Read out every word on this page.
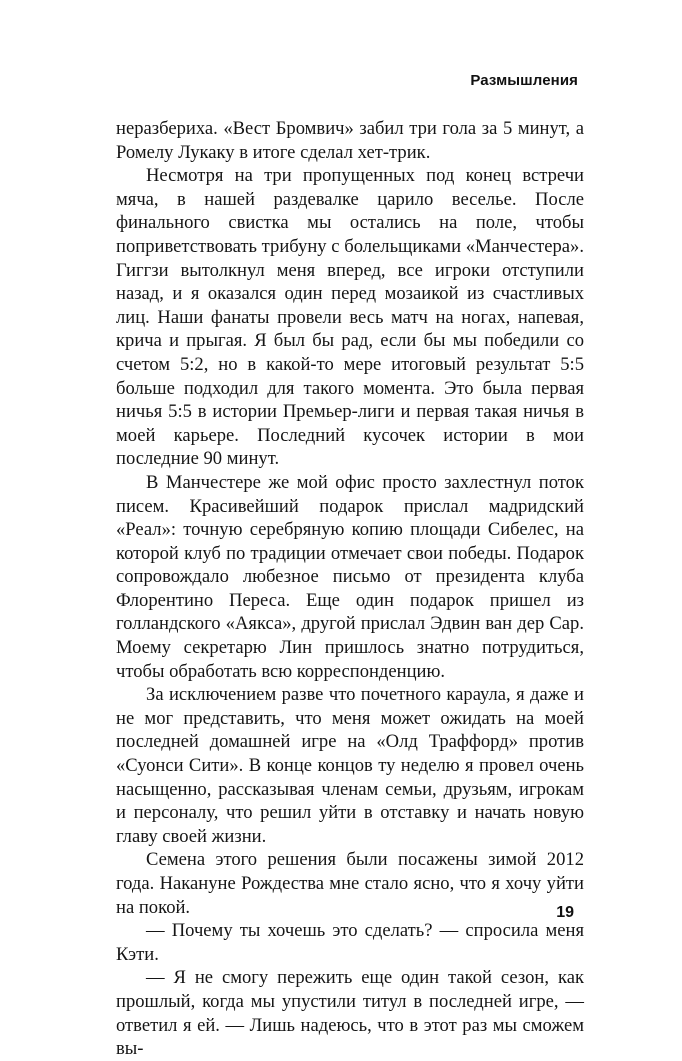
Размышления

неразбериха. «Вест Бромвич» забил три гола за 5 минут, а Ромелу Лукаку в итоге сделал хет-трик.

Несмотря на три пропущенных под конец встречи мяча, в нашей раздевалке царило веселье. После финального свистка мы остались на поле, чтобы поприветствовать трибуну с болельщиками «Манчестера». Гиггзи вытолкнул меня вперед, все игроки отступили назад, и я оказался один перед мозаикой из счастливых лиц. Наши фанаты провели весь матч на ногах, напевая, крича и прыгая. Я был бы рад, если бы мы победили со счетом 5:2, но в какой-то мере итоговый результат 5:5 больше подходил для такого момента. Это была первая ничья 5:5 в истории Премьер-лиги и первая такая ничья в моей карьере. Последний кусочек истории в мои последние 90 минут.

В Манчестере же мой офис просто захлестнул поток писем. Красивейший подарок прислал мадридский «Реал»: точную серебряную копию площади Сибелес, на которой клуб по традиции отмечает свои победы. Подарок сопровождало любезное письмо от президента клуба Флорентино Переса. Еще один подарок пришел из голландского «Аякса», другой прислал Эдвин ван дер Сар. Моему секретарю Лин пришлось знатно потрудиться, чтобы обработать всю корреспонденцию.

За исключением разве что почетного караула, я даже и не мог представить, что меня может ожидать на моей последней домашней игре на «Олд Траффорд» против «Суонси Сити». В конце концов ту неделю я провел очень насыщенно, рассказывая членам семьи, друзьям, игрокам и персоналу, что решил уйти в отставку и начать новую главу своей жизни.

Семена этого решения были посажены зимой 2012 года. Накануне Рождества мне стало ясно, что я хочу уйти на покой.

— Почему ты хочешь это сделать? — спросила меня Кэти.

— Я не смогу пережить еще один такой сезон, как прошлый, когда мы упустили титул в последней игре, — ответил я ей. — Лишь надеюсь, что в этот раз мы сможем вы-

19
